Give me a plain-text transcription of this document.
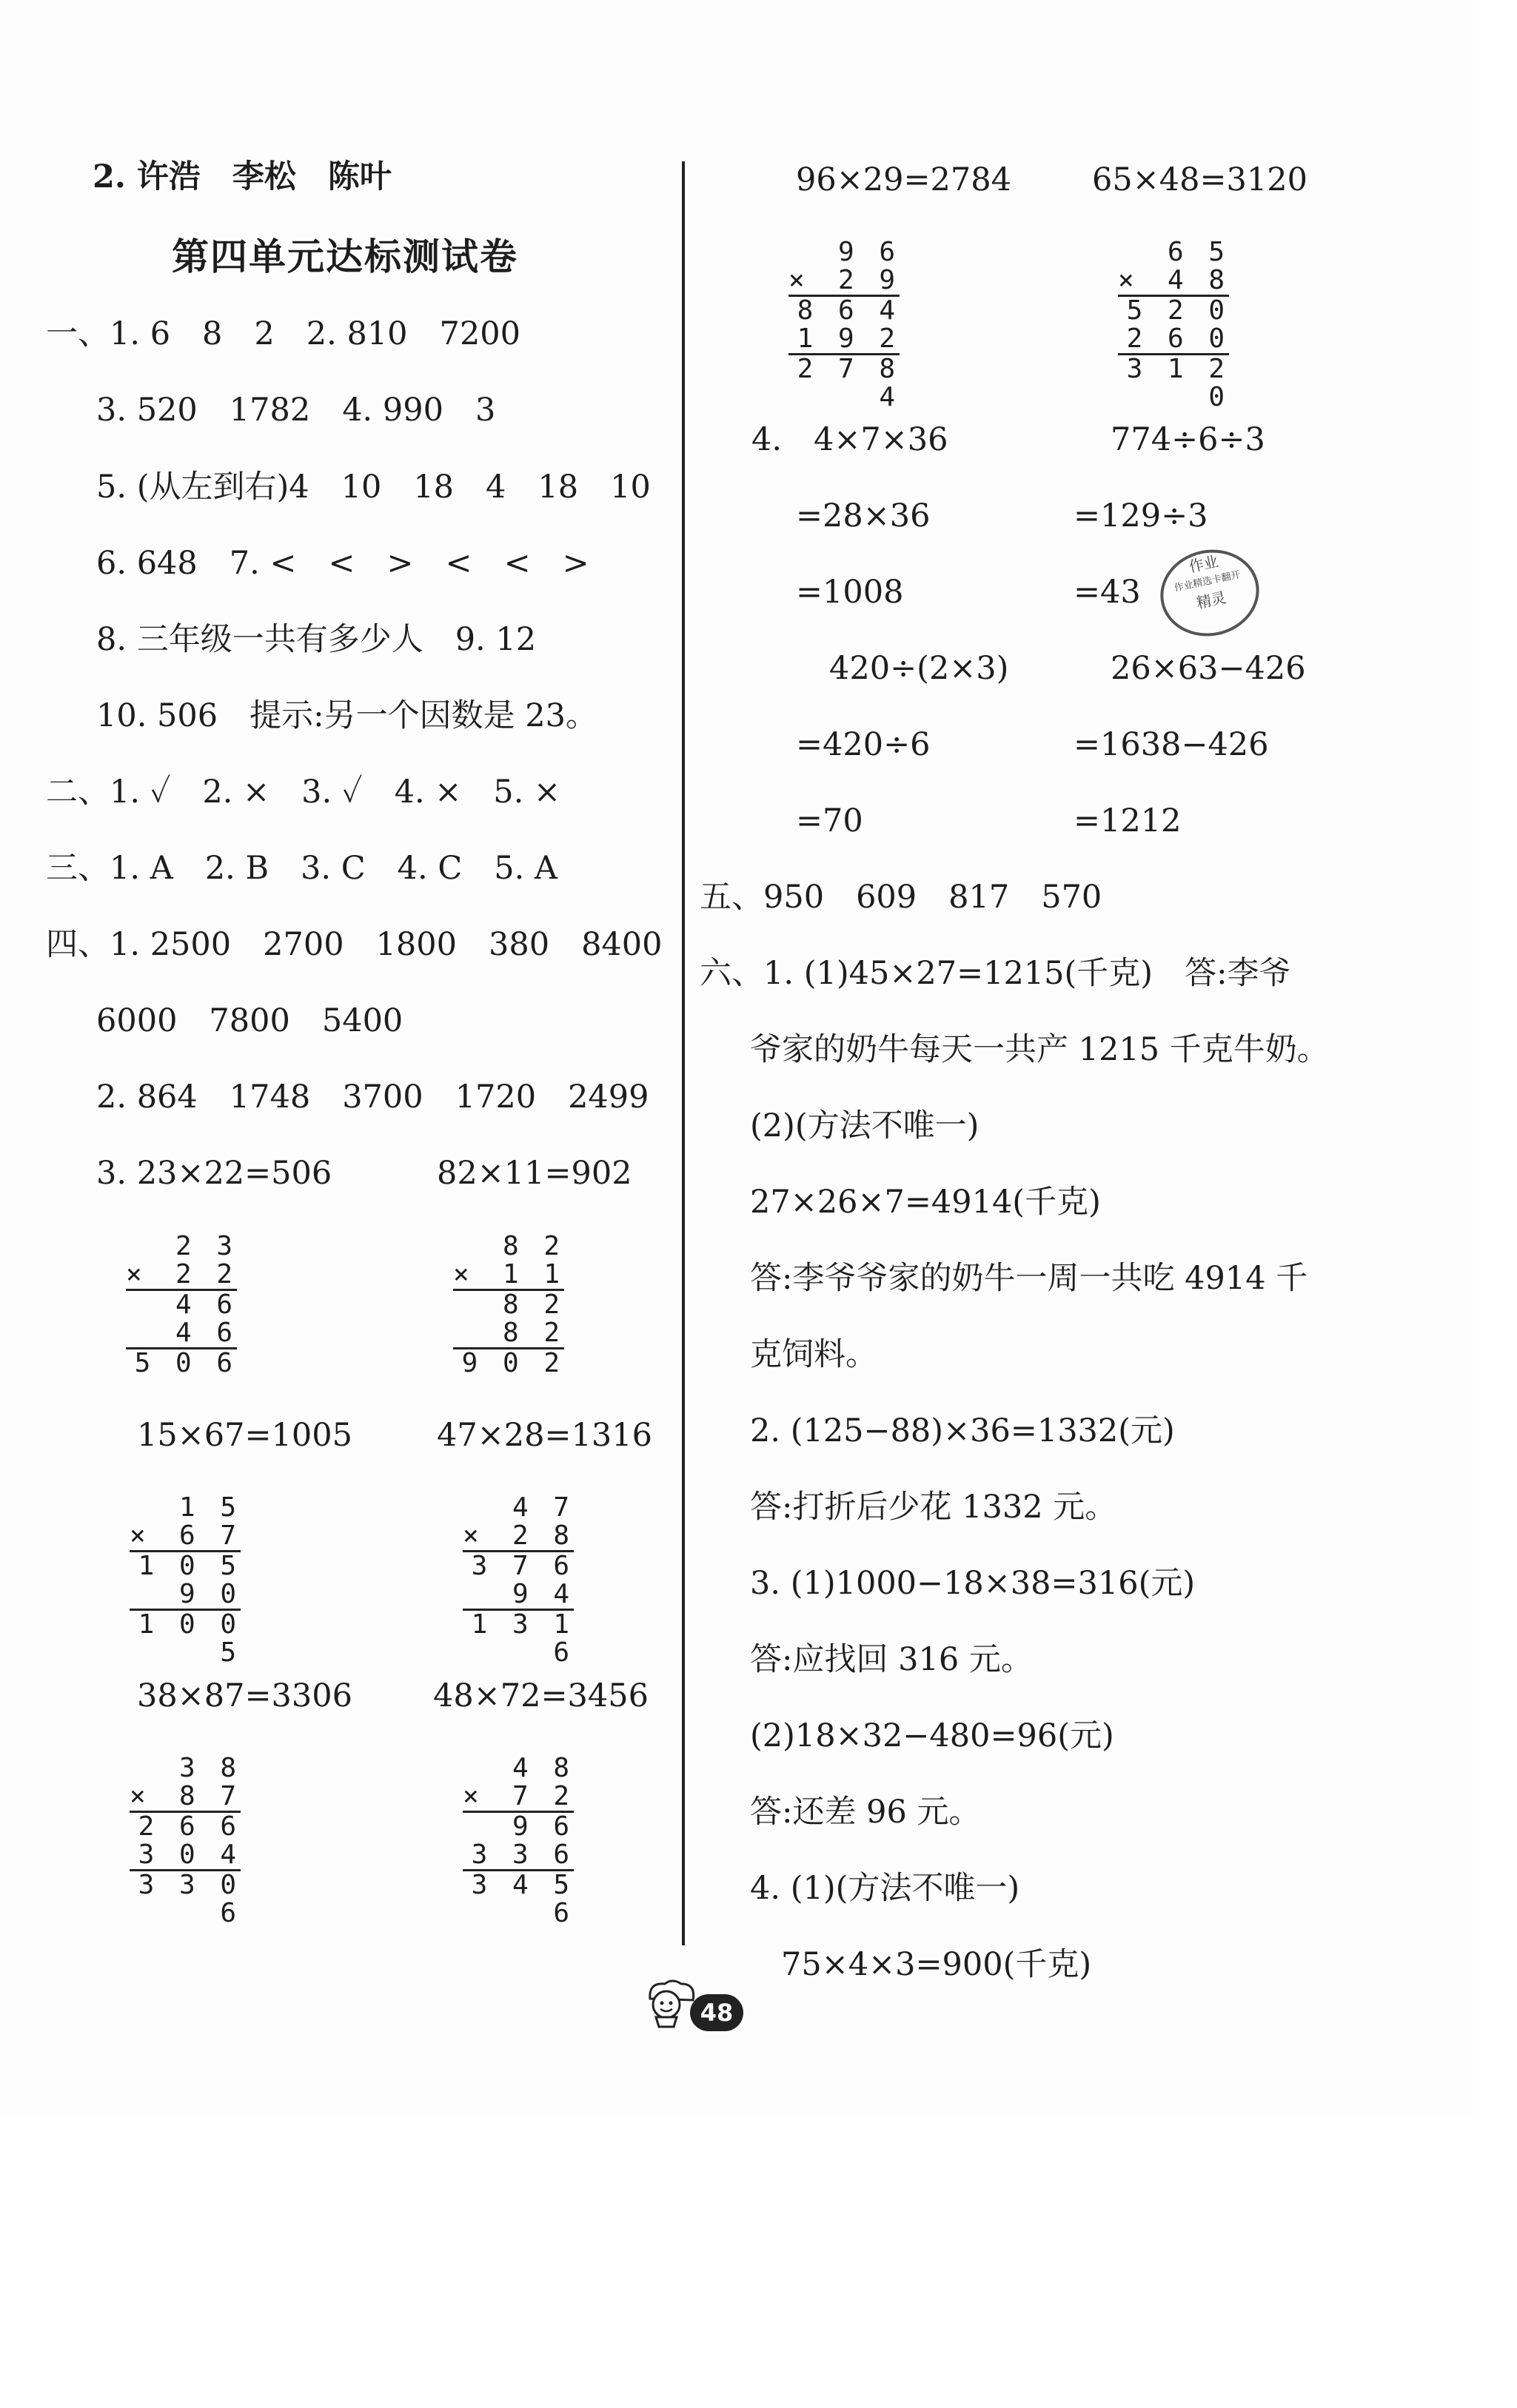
2. 许浩　李松　陈叶
第四单元达标测试卷
一、1. 6　8　2　2. 810　7200
3. 520　1782　4. 990　3
5. (从左到右)4　10　18　4　18　10
6. 648　7. <　<　>　<　<　>
8. 三年级一共有多少人　9. 12
10. 506　提示:另一个因数是 23。
二、1. ✓　2. ×　3. ✓　4. ×　5. ×
三、1. A　2. B　3. C　4. C　5. A
四、1. 2500　2700　1800　380　8400
6000　7800　5400
2. 864　1748　3700　1720　2499
3. 23×22=506	82×11=902
2 3
× 2 2
4 6
4 6
5 0 6
8 2
× 1 1
8 2
8 2
9 0 2
15×67=1005	47×28=1316
1 5
× 6 7
1 0 5
9 0
1 0 0 5
4 7
× 2 8
3 7 6
9 4
1 3 1 6
38×87=3306	48×72=3456
3 8
× 8 7
2 6 6
3 0 4
3 3 0 6
4 8
× 7 2
9 6
3 3 6
3 4 5 6
96×29=2784	65×48=3120
9 6
× 2 9
8 6 4
1 9 2
2 7 8 4
6 5
× 4 8
5 2 0
2 6 0
3 1 2 0
4.　4×7×36	774÷6÷3
=28×36	=129÷3
=1008	=43
作业
作业精选卡翻开
精灵
420÷(2×3)	26×63−426
=420÷6	=1638−426
=70	=1212
五、950　609　817　570
六、1. (1)45×27=1215(千克)　答:李爷
爷家的奶牛每天一共产 1215 千克牛奶。
(2)(方法不唯一)
27×26×7=4914(千克)
答:李爷爷家的奶牛一周一共吃 4914 千
克饲料。
2. (125−88)×36=1332(元)
答:打折后少花 1332 元。
3. (1)1000−18×38=316(元)
答:应找回 316 元。
(2)18×32−480=96(元)
答:还差 96 元。
4. (1)(方法不唯一)
75×4×3=900(千克)
48
